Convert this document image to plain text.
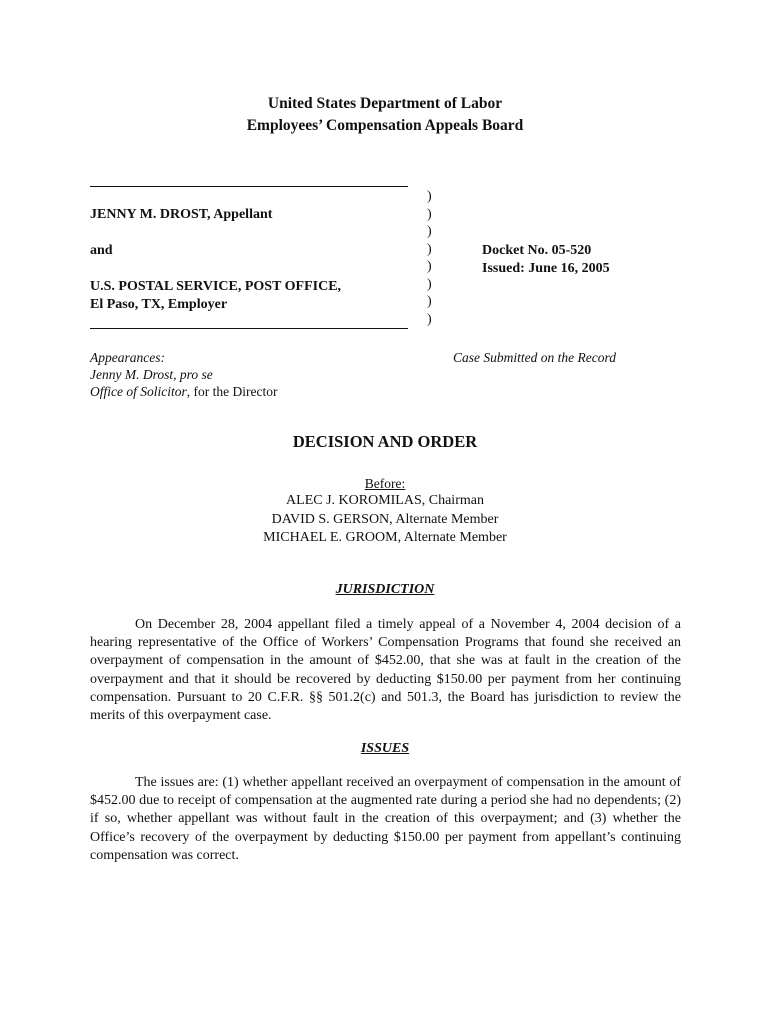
United States Department of Labor
Employees’ Compensation Appeals Board
JENNY M. DROST, Appellant
and
U.S. POSTAL SERVICE, POST OFFICE,
El Paso, TX, Employer
)
)
)
)
)
)
)
)
Docket No. 05-520
Issued: June 16, 2005
Appearances:
Jenny M. Drost, pro se
Office of Solicitor, for the Director
Case Submitted on the Record
DECISION AND ORDER
Before:
ALEC J. KOROMILAS, Chairman
DAVID S. GERSON, Alternate Member
MICHAEL E. GROOM, Alternate Member
JURISDICTION
On December 28, 2004 appellant filed a timely appeal of a November 4, 2004 decision of a hearing representative of the Office of Workers’ Compensation Programs that found she received an overpayment of compensation in the amount of $452.00, that she was at fault in the creation of the overpayment and that it should be recovered by deducting $150.00 per payment from her continuing compensation. Pursuant to 20 C.F.R. §§ 501.2(c) and 501.3, the Board has jurisdiction to review the merits of this overpayment case.
ISSUES
The issues are: (1) whether appellant received an overpayment of compensation in the amount of $452.00 due to receipt of compensation at the augmented rate during a period she had no dependents; (2) if so, whether appellant was without fault in the creation of this overpayment; and (3) whether the Office’s recovery of the overpayment by deducting $150.00 per payment from appellant’s continuing compensation was correct.
